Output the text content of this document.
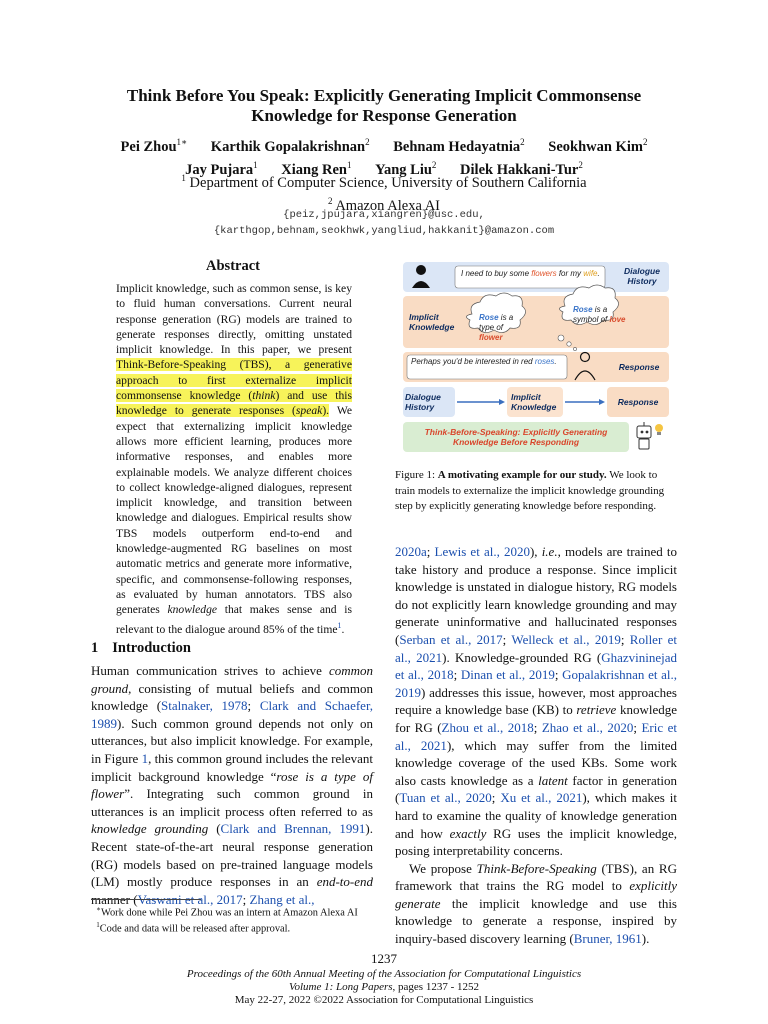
Think Before You Speak: Explicitly Generating Implicit Commonsense
Knowledge for Response Generation
Pei Zhou$^{1∗}$ Karthik Gopalakrishnan$^2$ Behnam Hedayatnia$^2$ Seokhwan Kim$^2$
Jay Pujara$^1$ Xiang Ren$^1$ Yang Liu$^2$ Dilek Hakkani-Tur$^2$
$^1$ Department of Computer Science, University of Southern California
$^2$ Amazon Alexa AI
{peiz,jpujara,xiangren}@usc.edu,
{karthgop,behnam,seokhwk,yangliud,hakkanit}@amazon.com
Abstract
Implicit knowledge, such as common sense, is key to fluid human conversations. Current neural response generation (RG) models are trained to generate responses directly, omitting unstated implicit knowledge. In this paper, we present Think-Before-Speaking (TBS), a generative approach to first externalize implicit commonsense knowledge (think) and use this knowledge to generate responses (speak). We expect that externalizing implicit knowledge allows more efficient learning, produces more informative responses, and enables more explainable models. We analyze different choices to collect knowledge-aligned dialogues, represent implicit knowledge, and transition between knowledge and dialogues. Empirical results show TBS models outperform end-to-end and knowledge-augmented RG baselines on most automatic metrics and generate more informative, specific, and commonsense-following responses, as evaluated by human annotators. TBS also generates knowledge that makes sense and is relevant to the dialogue around 85% of the time$^1$.
1 Introduction
Human communication strives to achieve common ground, consisting of mutual beliefs and common knowledge (Stalnaker, 1978; Clark and Schaefer, 1989). Such common ground depends not only on utterances, but also implicit knowledge. For example, in Figure 1, this common ground includes the relevant implicit background knowledge “rose is a type of flower”. Integrating such common ground in utterances is an implicit process often referred to as knowledge grounding (Clark and Brennan, 1991). Recent state-of-the-art neural response generation (RG) models based on pre-trained language models (LM) mostly produce responses in an end-to-end manner (Vaswani et al., 2017; Zhang et al.,
∗Work done while Pei Zhou was an intern at Amazon Alexa AI
$^1$Code and data will be released after approval.

2020a; Lewis et al., 2020), i.e., models are trained to take history and produce a response. Since implicit knowledge is unstated in dialogue history, RG models do not explicitly learn knowledge grounding and may generate uninformative and hallucinated responses (Serban et al., 2017; Welleck et al., 2019; Roller et al., 2021). Knowledge-grounded RG (Ghazvininejad et al., 2018; Dinan et al., 2019; Gopalakrishnan et al., 2019) addresses this issue, however, most approaches require a knowledge base (KB) to retrieve knowledge for RG (Zhou et al., 2018; Zhao et al., 2020; Eric et al., 2021), which may suffer from the limited knowledge coverage of the used KBs. Some work also casts knowledge as a latent factor in generation (Tuan et al., 2020; Xu et al., 2021), which makes it hard to examine the quality of knowledge generation and how exactly RG uses the implicit knowledge, posing interpretability concerns.

We propose Think-Before-Speaking (TBS), an RG framework that trains the RG model to explicitly generate the implicit knowledge and use this knowledge to generate a response, inspired by inquiry-based discovery learning (Bruner, 1961).

I need to buy some flowers for my wife.	Dialogue History
Implicit Knowledge
Rose is a type of flower
Rose is a symbol of love
Perhaps you'd be interested in red roses.
Response
Dialogue History
Implicit Knowledge	Response
Think-Before-Speaking: Explicitly Generating Knowledge Before Responding
Figure 1: A motivating example for our study. We look to train models to externalize the implicit knowledge grounding step by explicitly generating knowledge before responding.
1237
Proceedings of the 60th Annual Meeting of the Association for Computational Linguistics
Volume 1: Long Papers, pages 1237 - 1252
May 22-27, 2022 ©2022 Association for Computational Linguistics
